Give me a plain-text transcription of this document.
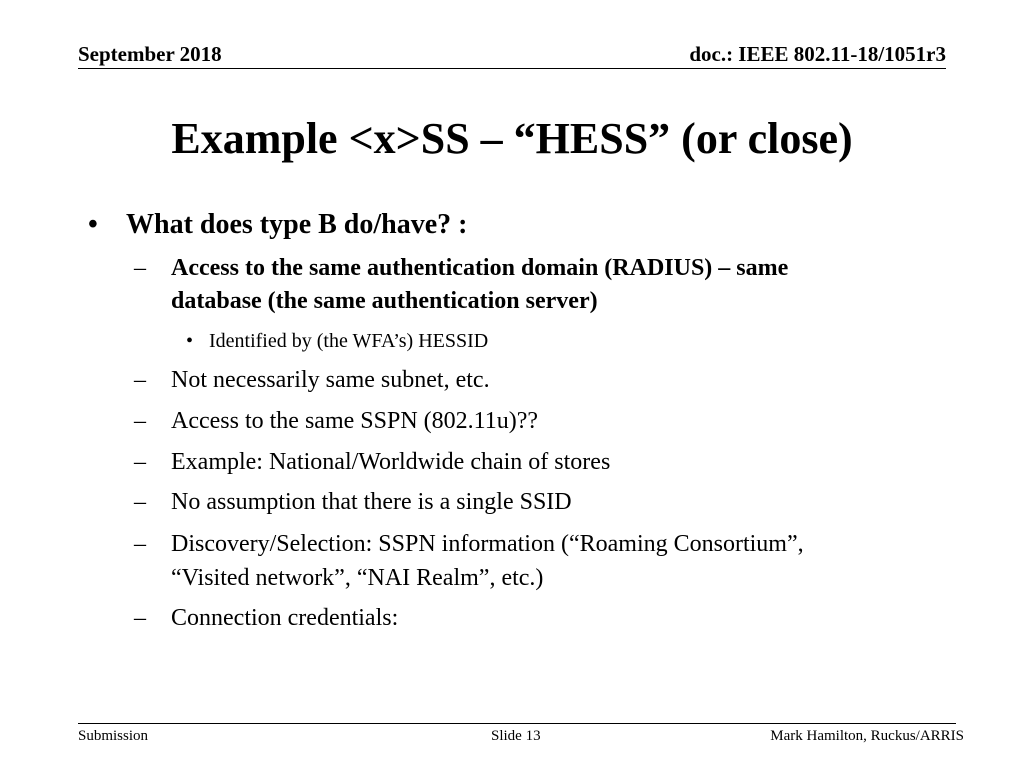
September 2018	doc.: IEEE 802.11-18/1051r3
Example <x>SS – “HESS” (or close)
• What does type B do/have? :
– Access to the same authentication domain (RADIUS) – same
database (the same authentication server)
• Identified by (the WFA’s) HESSID
– Not necessarily same subnet, etc.
– Access to the same SSPN (802.11u)??
– Example: National/Worldwide chain of stores
– No assumption that there is a single SSID
– Discovery/Selection: SSPN information (“Roaming Consortium”,
“Visited network”, “NAI Realm”, etc.)
– Connection credentials:
Submission	Slide 13	Mark Hamilton, Ruckus/ARRIS
